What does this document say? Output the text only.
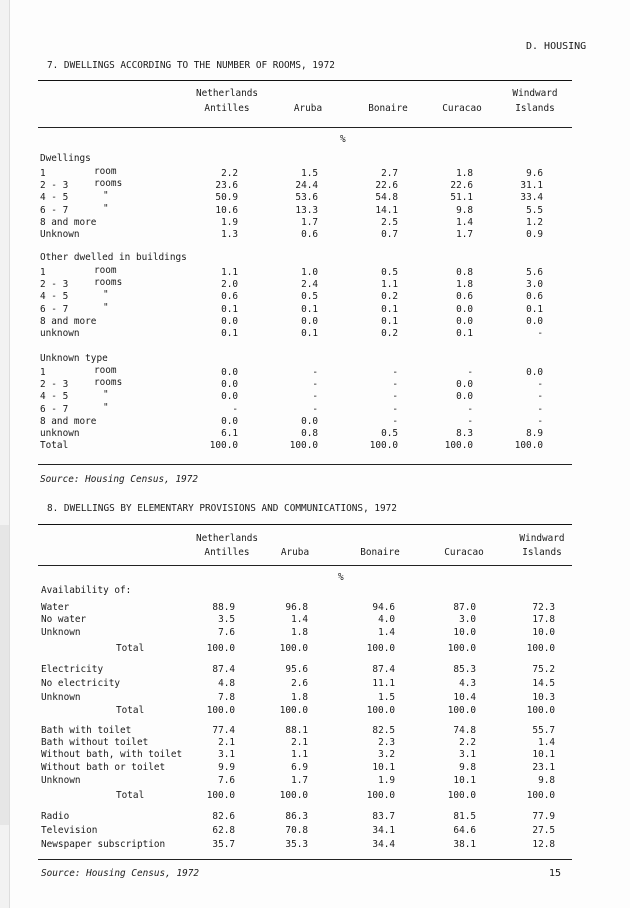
D. HOUSING
7. DWELLINGS ACCORDING TO THE NUMBER OF ROOMS, 1972
Netherlands
Antilles	Aruba	Bonaire	Curacao
Windward
Islands
%
Dwellings
1	room	2.2	1.5	2.7	1.8	9.6
2 - 3	rooms	23.6	24.4	22.6	22.6	31.1
4 - 5	"	50.9	53.6	54.8	51.1	33.4
6 - 7	"	10.6	13.3	14.1	9.8	5.5
8 and more	1.9	1.7	2.5	1.4	1.2
Unknown	1.3	0.6	0.7	1.7	0.9
Other dwelled in buildings
1	room	1.1	1.0	0.5	0.8	5.6
2 - 3	rooms	2.0	2.4	1.1	1.8	3.0
4 - 5	"	0.6	0.5	0.2	0.6	0.6
6 - 7	"	0.1	0.1	0.1	0.0	0.1
8 and more	0.0	0.0	0.1	0.0	0.0
unknown	0.1	0.1	0.2	0.1	-
Unknown type
1	room	0.0	-	-	-	0.0
2 - 3	rooms	0.0	-	-	0.0	-
4 - 5	"	0.0	-	-	0.0	-
6 - 7	"	-	-	-	-	-
8 and more	0.0	0.0	-	-	-
unknown	6.1	0.8	0.5	8.3	8.9
Total	100.0	100.0	100.0	100.0	100.0
Source: Housing Census, 1972
8. DWELLINGS BY ELEMENTARY PROVISIONS AND COMMUNICATIONS, 1972
Netherlands
Antilles	Aruba	Bonaire	Curacao
Windward
Islands
%
Availability of:
Water	88.9	96.8	94.6	87.0	72.3
No water	3.5	1.4	4.0	3.0	17.8
Unknown	7.6	1.8	1.4	10.0	10.0
Total	100.0	100.0	100.0	100.0	100.0
Electricity	87.4	95.6	87.4	85.3	75.2
No electricity	4.8	2.6	11.1	4.3	14.5
Unknown	7.8	1.8	1.5	10.4	10.3
Total	100.0	100.0	100.0	100.0	100.0
Bath with toilet	77.4	88.1	82.5	74.8	55.7
Bath without toilet	2.1	2.1	2.3	2.2	1.4
Without bath, with toilet	3.1	1.1	3.2	3.1	10.1
Without bath or toilet	9.9	6.9	10.1	9.8	23.1
Unknown	7.6	1.7	1.9	10.1	9.8
Total	100.0	100.0	100.0	100.0	100.0
Radio	82.6	86.3	83.7	81.5	77.9
Television	62.8	70.8	34.1	64.6	27.5
Newspaper subscription	35.7	35.3	34.4	38.1	12.8
Source: Housing Census, 1972	15
